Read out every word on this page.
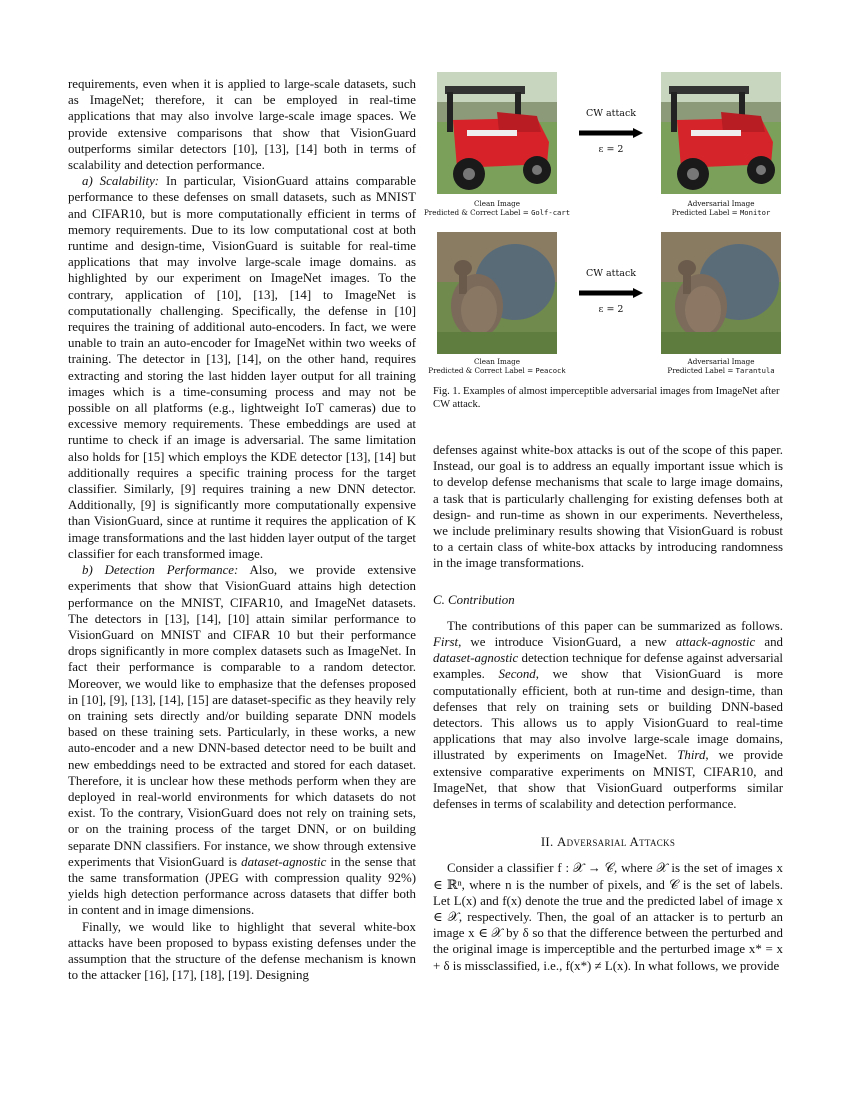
requirements, even when it is applied to large-scale datasets, such as ImageNet; therefore, it can be employed in real-time applications that may also involve large-scale image spaces. We provide extensive comparisons that show that VisionGuard outperforms similar detectors [10], [13], [14] both in terms of scalability and detection performance.

a) Scalability: In particular, VisionGuard attains comparable performance to these defenses on small datasets, such as MNIST and CIFAR10, but is more computationally efficient in terms of memory requirements. Due to its low computational cost at both runtime and design-time, VisionGuard is suitable for real-time applications that may involve large-scale image domains. as highlighted by our experiment on ImageNet images. To the contrary, application of [10], [13], [14] to ImageNet is computationally challenging. Specifically, the defense in [10] requires the training of additional auto-encoders. In fact, we were unable to train an auto-encoder for ImageNet within two weeks of training. The detector in [13], [14], on the other hand, requires extracting and storing the last hidden layer output for all training images which is a time-consuming process and may not be possible on all platforms (e.g., lightweight IoT cameras) due to excessive memory requirements. These embeddings are used at runtime to check if an image is adversarial. The same limitation also holds for [15] which employs the KDE detector [13], [14] but additionally requires a specific training process for the target classifier. Similarly, [9] requires training a new DNN detector. Additionally, [9] is significantly more computationally expensive than VisionGuard, since at runtime it requires the application of K image transformations and the last hidden layer output of the target classifier for each transformed image.

b) Detection Performance: Also, we provide extensive experiments that show that VisionGuard attains high detection performance on the MNIST, CIFAR10, and ImageNet datasets. The detectors in [13], [14], [10] attain similar performance to VisionGuard on MNIST and CIFAR 10 but their performance drops significantly in more complex datasets such as ImageNet. In fact their performance is comparable to a random detector. Moreover, we would like to emphasize that the defenses proposed in [10], [9], [13], [14], [15] are dataset-specific as they heavily rely on training sets directly and/or building separate DNN models based on these training sets. Particularly, in these works, a new auto-encoder and a new DNN-based detector need to be built and new embeddings need to be extracted and stored for each dataset. Therefore, it is unclear how these methods perform when they are deployed in real-world environments for which datasets do not exist. To the contrary, VisionGuard does not rely on training sets, or on the training process of the target DNN, or on building separate DNN classifiers. For instance, we show through extensive experiments that VisionGuard is dataset-agnostic in the sense that the same transformation (JPEG with compression quality 92%) yields high detection performance across datasets that differ both in content and in image dimensions.

Finally, we would like to highlight that several white-box attacks have been proposed to bypass existing defenses under the assumption that the structure of the defense mechanism is known to the attacker [16], [17], [18], [19]. Designing

CW attack
ε = 2
Clean Image
Predicted & Correct Label = Golf-cart
Adversarial Image
Predicted Label = Monitor
CW attack
ε = 2
Clean Image
Predicted & Correct Label = Peacock
Adversarial Image
Predicted Label = Tarantula
Fig. 1. Examples of almost imperceptible adversarial images from ImageNet after CW attack.

defenses against white-box attacks is out of the scope of this paper. Instead, our goal is to address an equally important issue which is to develop defense mechanisms that scale to large image domains, a task that is particularly challenging for existing defenses both at design- and run-time as shown in our experiments. Nevertheless, we include preliminary results showing that VisionGuard is robust to a certain class of white-box attacks by introducing randomness in the image transformations.

C. Contribution

The contributions of this paper can be summarized as follows. First, we introduce VisionGuard, a new attack-agnostic and dataset-agnostic detection technique for defense against adversarial examples. Second, we show that VisionGuard is more computationally efficient, both at run-time and design-time, than defenses that rely on training sets or building DNN-based detectors. This allows us to apply VisionGuard to real-time applications that may also involve large-scale image domains, illustrated by experiments on ImageNet. Third, we provide extensive comparative experiments on MNIST, CIFAR10, and ImageNet, that show that VisionGuard outperforms similar defenses in terms of scalability and detection performance.

II. Adversarial Attacks

Consider a classifier f : 𝒳 → 𝒞, where 𝒳 is the set of images x ∈ ℝⁿ, where n is the number of pixels, and 𝒞 is the set of labels. Let L(x) and f(x) denote the true and the predicted label of image x ∈ 𝒳, respectively. Then, the goal of an attacker is to perturb an image x ∈ 𝒳 by δ so that the difference between the perturbed and the original image is imperceptible and the perturbed image x* = x + δ is missclassified, i.e., f(x*) ≠ L(x). In what follows, we provide
